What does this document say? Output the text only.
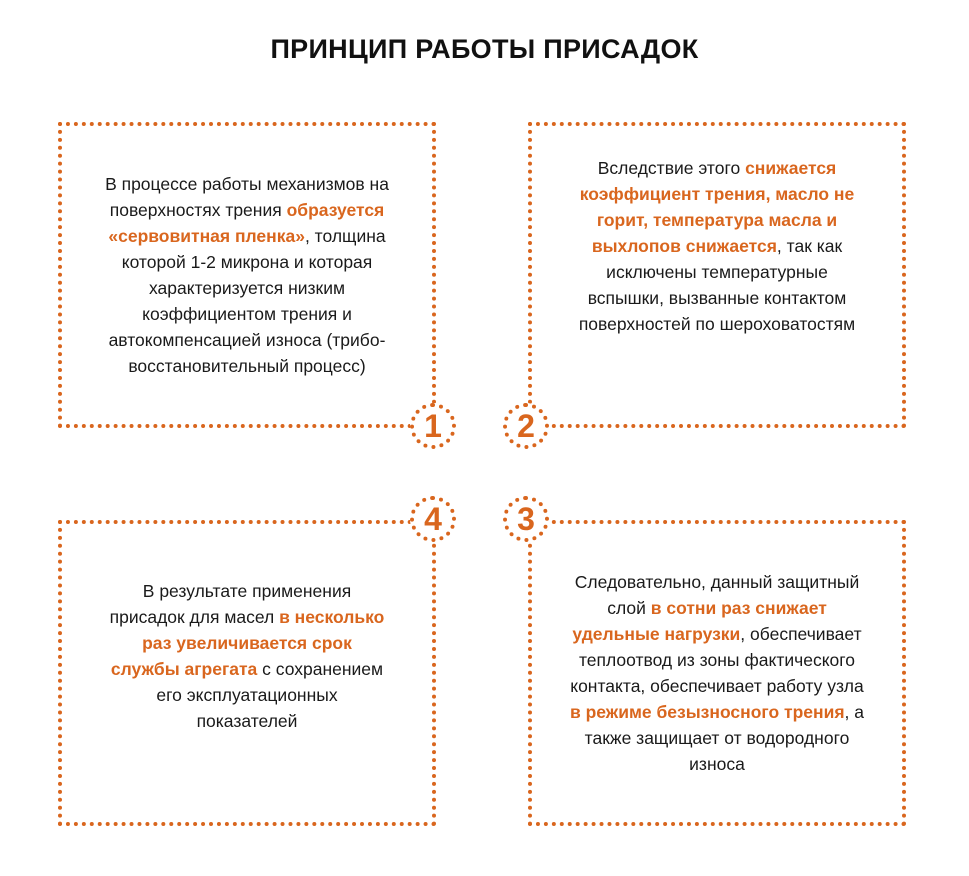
ПРИНЦИП РАБОТЫ ПРИСАДОК

В процессе работы механизмов на поверхностях трения образуется «сервовитная пленка», толщина которой 1-2 микрона и которая характеризуется низким коэффициентом трения и автокомпенсацией износа (трибо-восстановительный процесс)

Вследствие этого снижается коэффициент трения, масло не горит, температура масла и выхлопов снижается, так как исключены температурные вспышки, вызванные контактом поверхностей по шероховатостям

В результате применения присадок для масел в несколько раз увеличивается срок службы агрегата с сохранением его эксплуатационных показателей

Следовательно, данный защитный слой в сотни раз снижает удельные нагрузки, обеспечивает теплоотвод из зоны фактического контакта, обеспечивает работу узла в режиме безызносного трения, а также защищает от водородного износа

1	2
3
4
